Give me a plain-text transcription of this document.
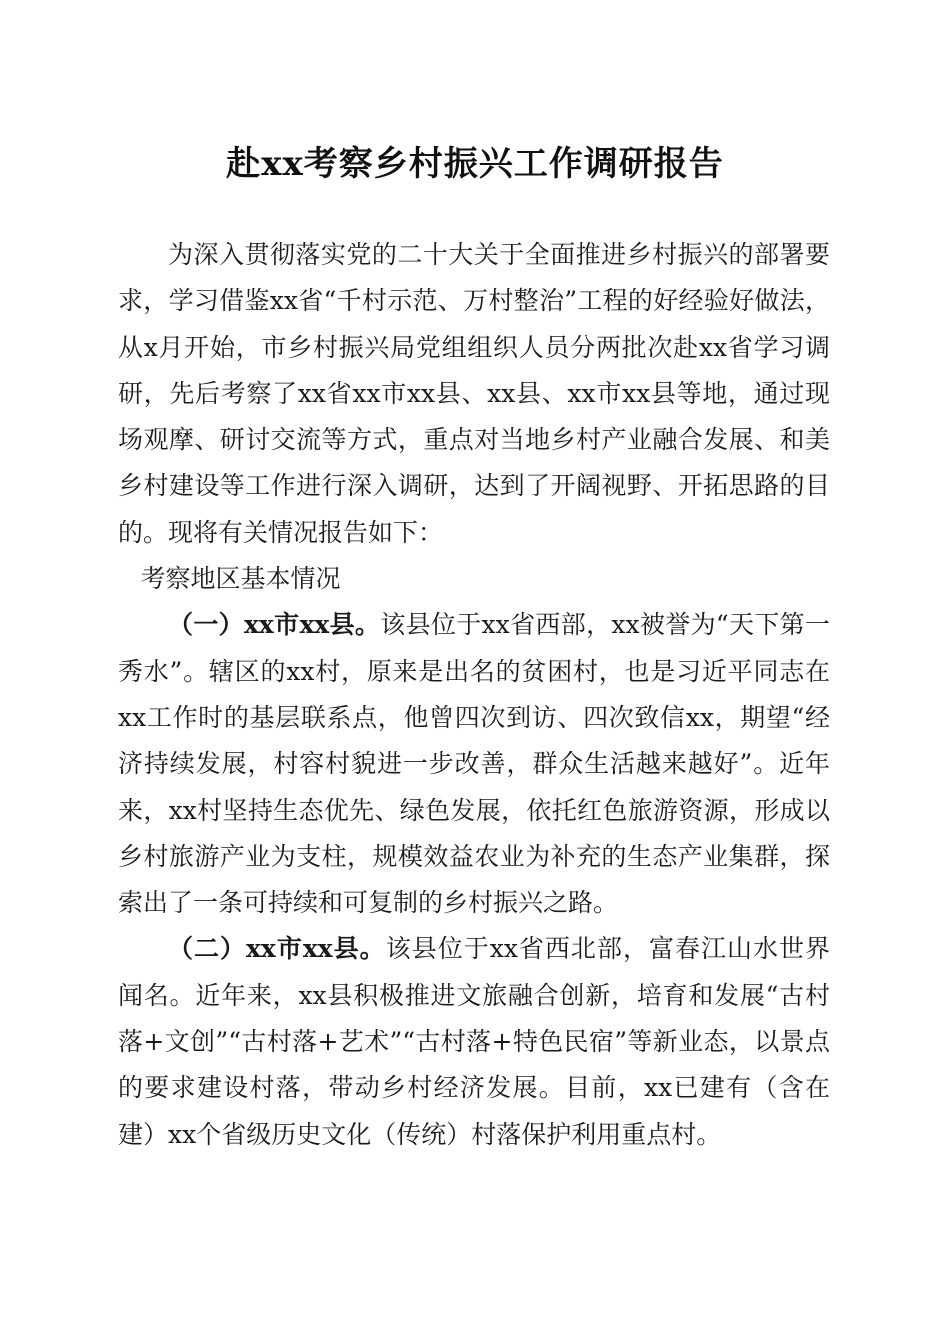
赴xx考察乡村振兴工作调研报告

为深入贯彻落实党的二十大关于全面推进乡村振兴的部署要求，学习借鉴xx省“千村示范、万村整治”工程的好经验好做法，从x月开始，市乡村振兴局党组组织人员分两批次赴xx省学习调研，先后考察了xx省xx市xx县、xx县、xx市xx县等地，通过现场观摩、研讨交流等方式，重点对当地乡村产业融合发展、和美乡村建设等工作进行深入调研，达到了开阔视野、开拓思路的目的。现将有关情况报告如下：

考察地区基本情况

（一）xx市xx县。该县位于xx省西部，xx被誉为“天下第一秀水”。辖区的xx村，原来是出名的贫困村，也是习近平同志在xx工作时的基层联系点，他曾四次到访、四次致信xx，期望“经济持续发展，村容村貌进一步改善，群众生活越来越好”。近年来，xx村坚持生态优先、绿色发展，依托红色旅游资源，形成以乡村旅游产业为支柱，规模效益农业为补充的生态产业集群，探索出了一条可持续和可复制的乡村振兴之路。

（二）xx市xx县。该县位于xx省西北部，富春江山水世界闻名。近年来，xx县积极推进文旅融合创新，培育和发展“古村落+文创”“古村落+艺术”“古村落+特色民宿”等新业态，以景点的要求建设村落，带动乡村经济发展。目前，xx已建有（含在建）xx个省级历史文化（传统）村落保护利用重点村。
